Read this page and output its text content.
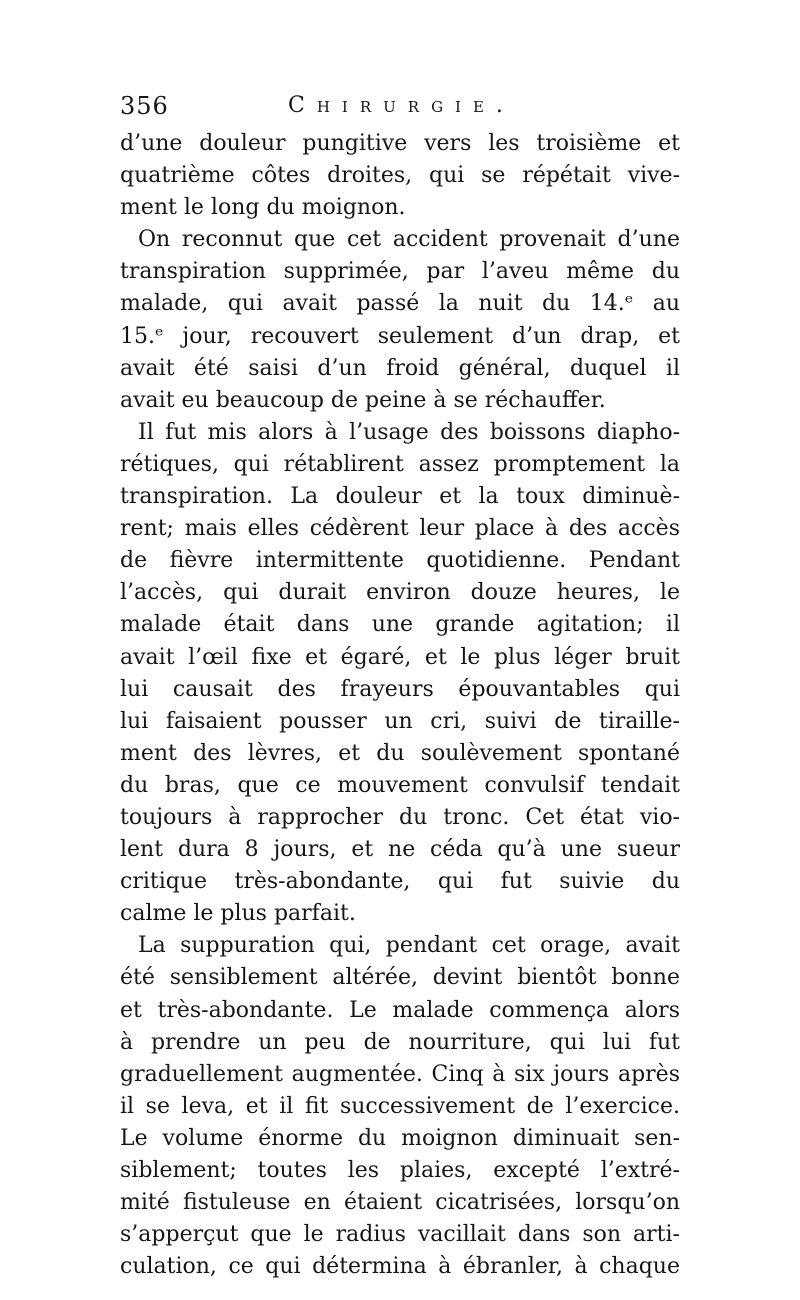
356	Chirurgie.
d’une douleur pungitive vers les troisième et
quatrième côtes droites, qui se répétait vive-
ment le long du moignon.
On reconnut que cet accident provenait d’une
transpiration supprimée, par l’aveu même du
malade, qui avait passé la nuit du 14.ᵉ au
15.ᵉ jour, recouvert seulement d’un drap, et
avait été saisi d’un froid général, duquel il
avait eu beaucoup de peine à se réchauffer.
Il fut mis alors à l’usage des boissons diapho-
rétiques, qui rétablirent assez promptement la
transpiration. La douleur et la toux diminuè-
rent; mais elles cédèrent leur place à des accès
de fièvre intermittente quotidienne. Pendant
l’accès, qui durait environ douze heures, le
malade était dans une grande agitation; il
avait l’œil fixe et égaré, et le plus léger bruit
lui causait des frayeurs épouvantables qui
lui faisaient pousser un cri, suivi de tiraille-
ment des lèvres, et du soulèvement spontané
du bras, que ce mouvement convulsif tendait
toujours à rapprocher du tronc. Cet état vio-
lent dura 8 jours, et ne céda qu’à une sueur
critique très-abondante, qui fut suivie du
calme le plus parfait.
La suppuration qui, pendant cet orage, avait
été sensiblement altérée, devint bientôt bonne
et très-abondante. Le malade commença alors
à prendre un peu de nourriture, qui lui fut
graduellement augmentée. Cinq à six jours après
il se leva, et il fit successivement de l’exercice.
Le volume énorme du moignon diminuait sen-
siblement; toutes les plaies, excepté l’extré-
mité fistuleuse en étaient cicatrisées, lorsqu’on
s’apperçut que le radius vacillait dans son arti-
culation, ce qui détermina à ébranler, à chaque
